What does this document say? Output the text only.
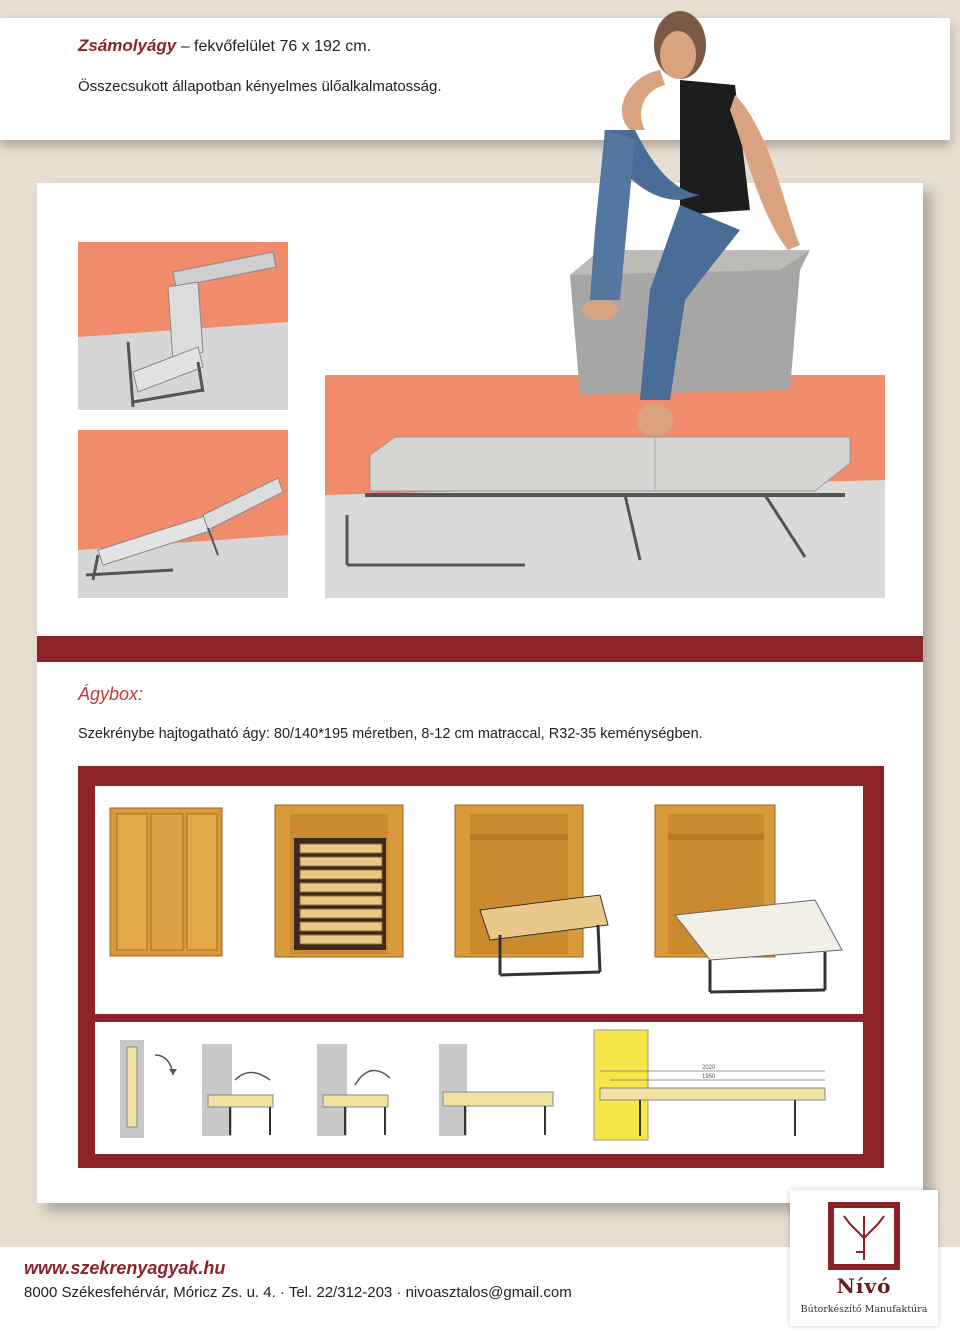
Zsámolyágy – fekvőfelület 76 x 192 cm.
Összecsukott állapotban kényelmes ülőalkalmatosság.
Ágybox:
Szekrénybe hajtogatható ágy: 80/140*195 méretben, 8-12 cm matraccal, R32-35 keménységben.
2020
1950
www.szekrenyagyak.hu
8000 Székesfehérvár, Móricz Zs. u. 4. · Tel. 22/312-203 · nivoasztalos@gmail.com	Nívó
Bútorkészítő Manufaktúra
